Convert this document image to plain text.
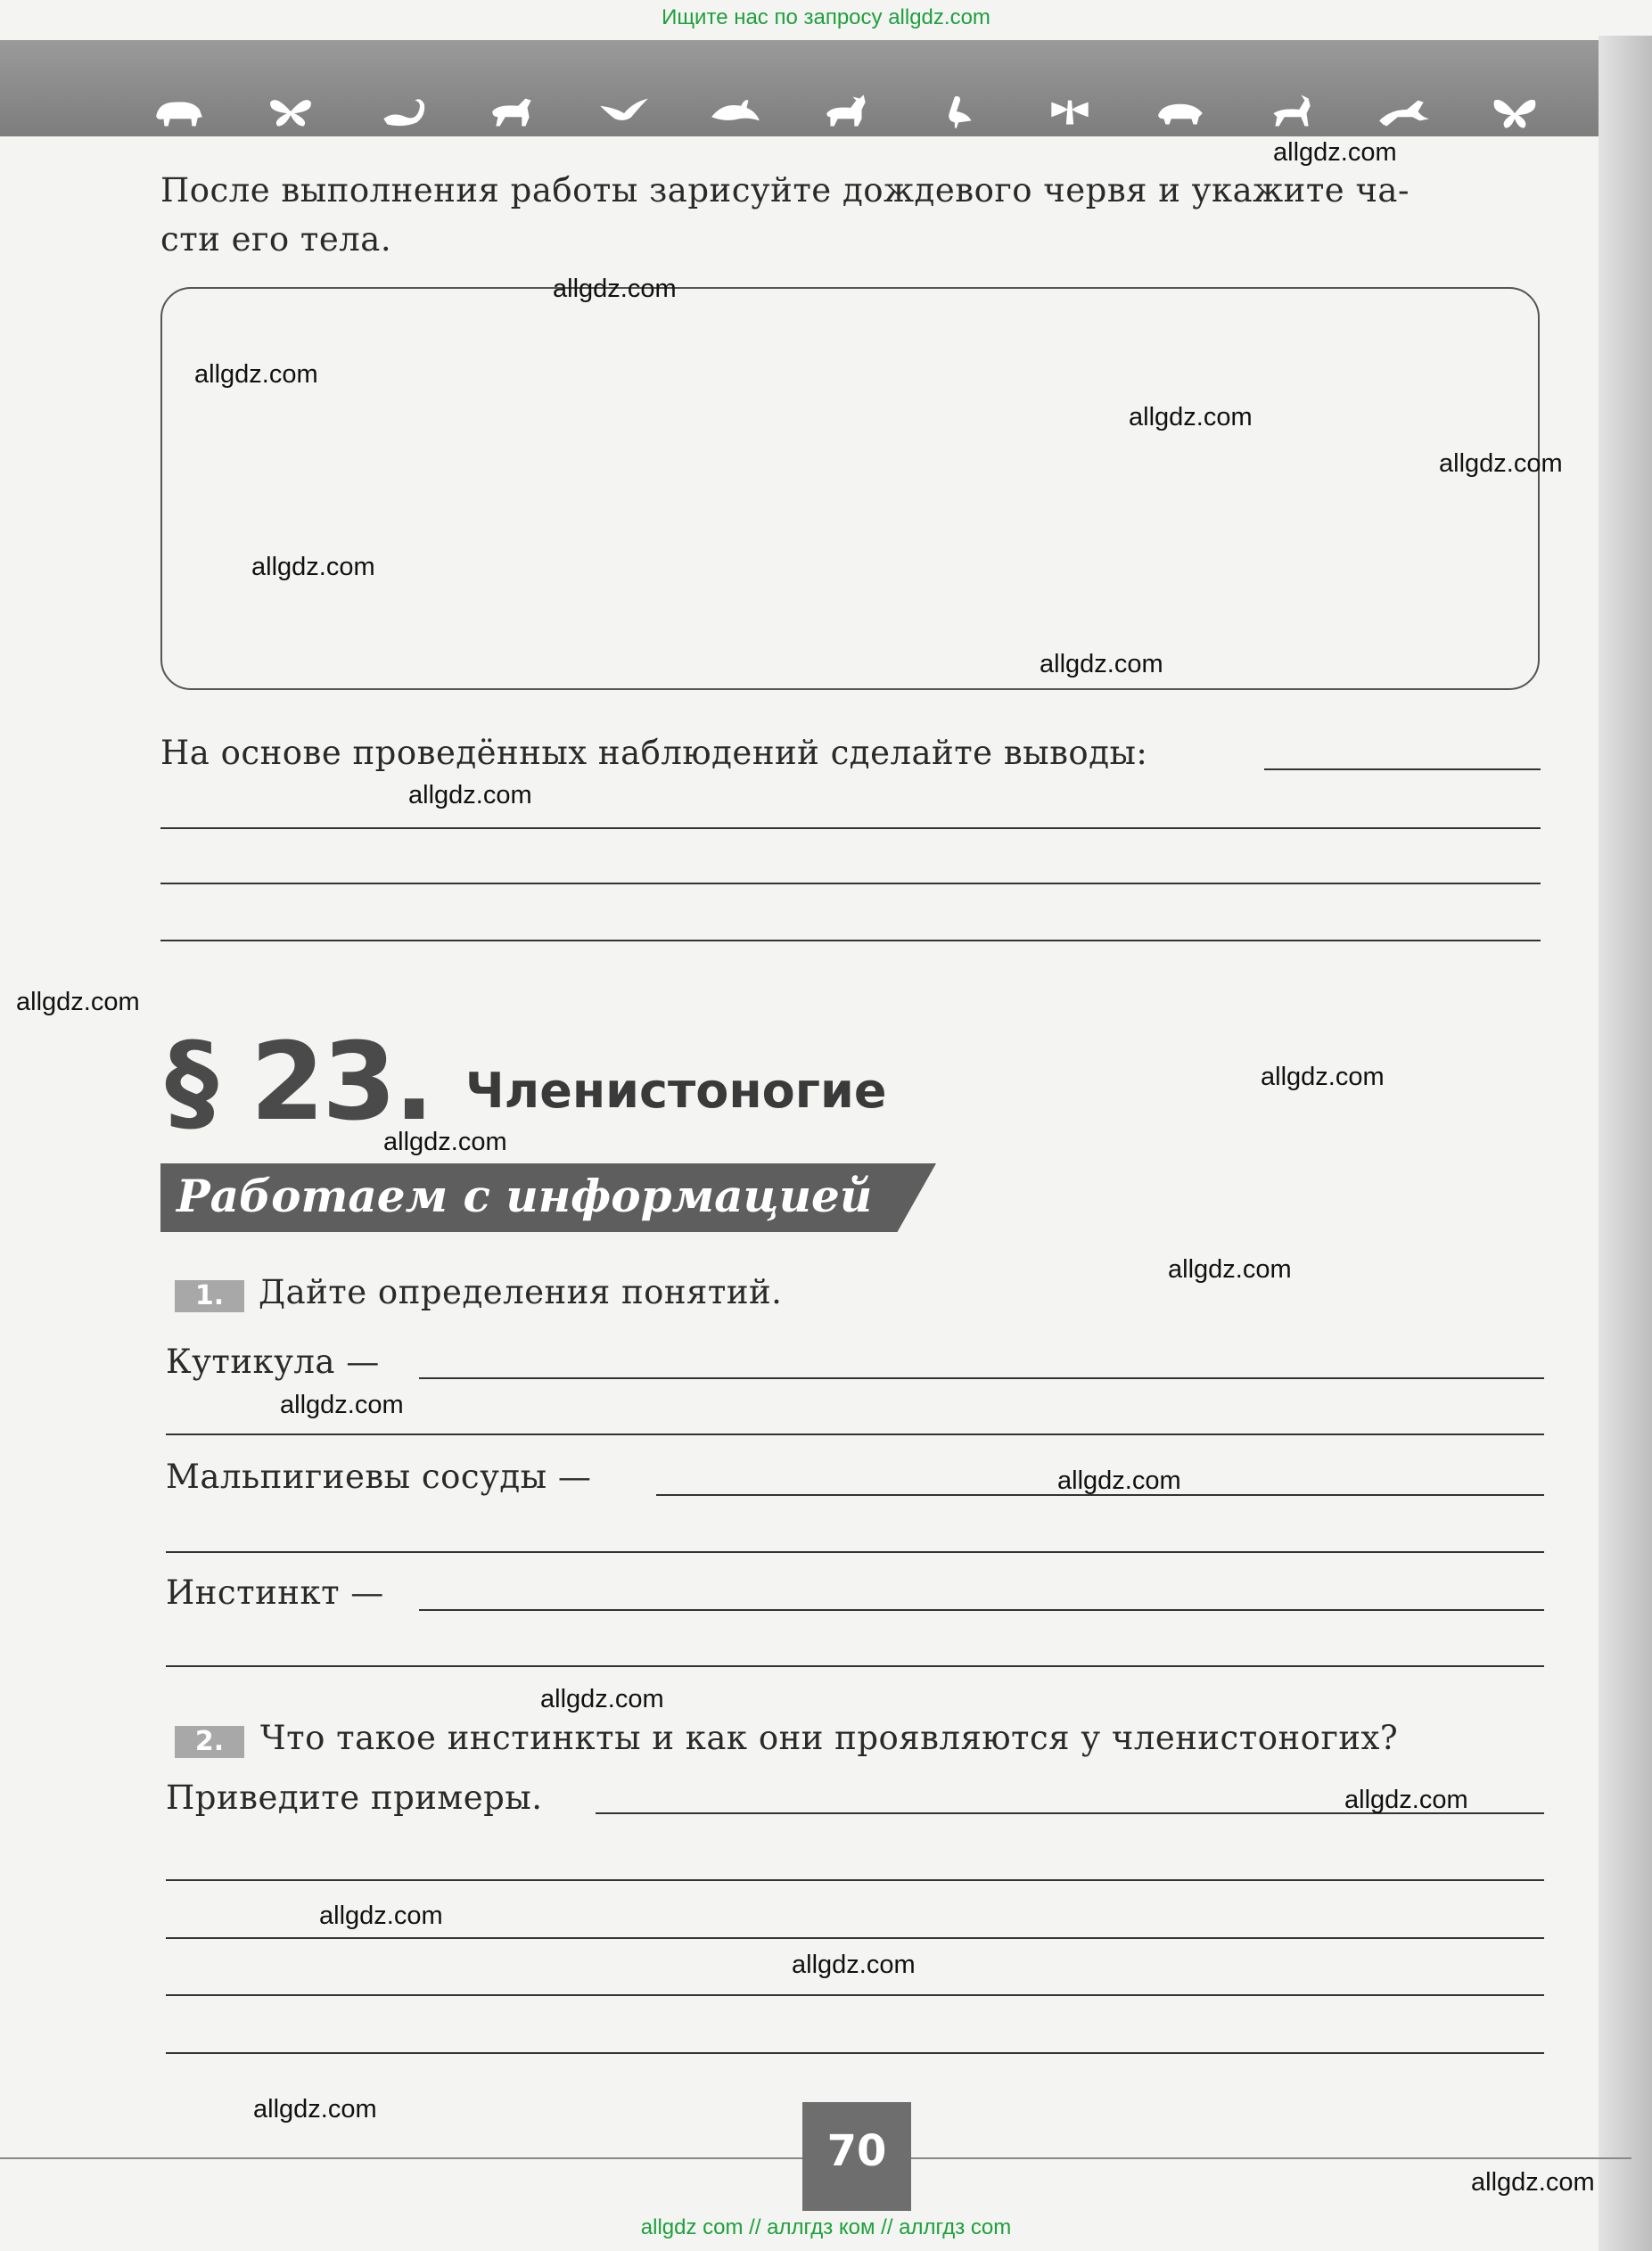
Ищите нас по запросу allgdz.com
После выполнения работы зарисуйте дождевого червя и укажите ча-
сти его тела.
На основе проведённых наблюдений сделайте выводы:
§ 23. Членистоногие
Работаем с информацией
1.	Дайте определения понятий.
Кутикула —
Мальпигиевы сосуды —
Инстинкт —
2.	Что такое инстинкты и как они проявляются у членистоногих?
Приведите примеры.
70
allgdz.com
allgdz.com
allgdz.com
allgdz.com
allgdz.com
allgdz.com
allgdz.com
allgdz.com
allgdz.com
allgdz.com
allgdz.com
allgdz.com
allgdz.com
allgdz.com
allgdz.com
allgdz.com
allgdz.com
allgdz.com
allgdz.com
allgdz.com
allgdz com // аллгдз ком // аллгдз com
